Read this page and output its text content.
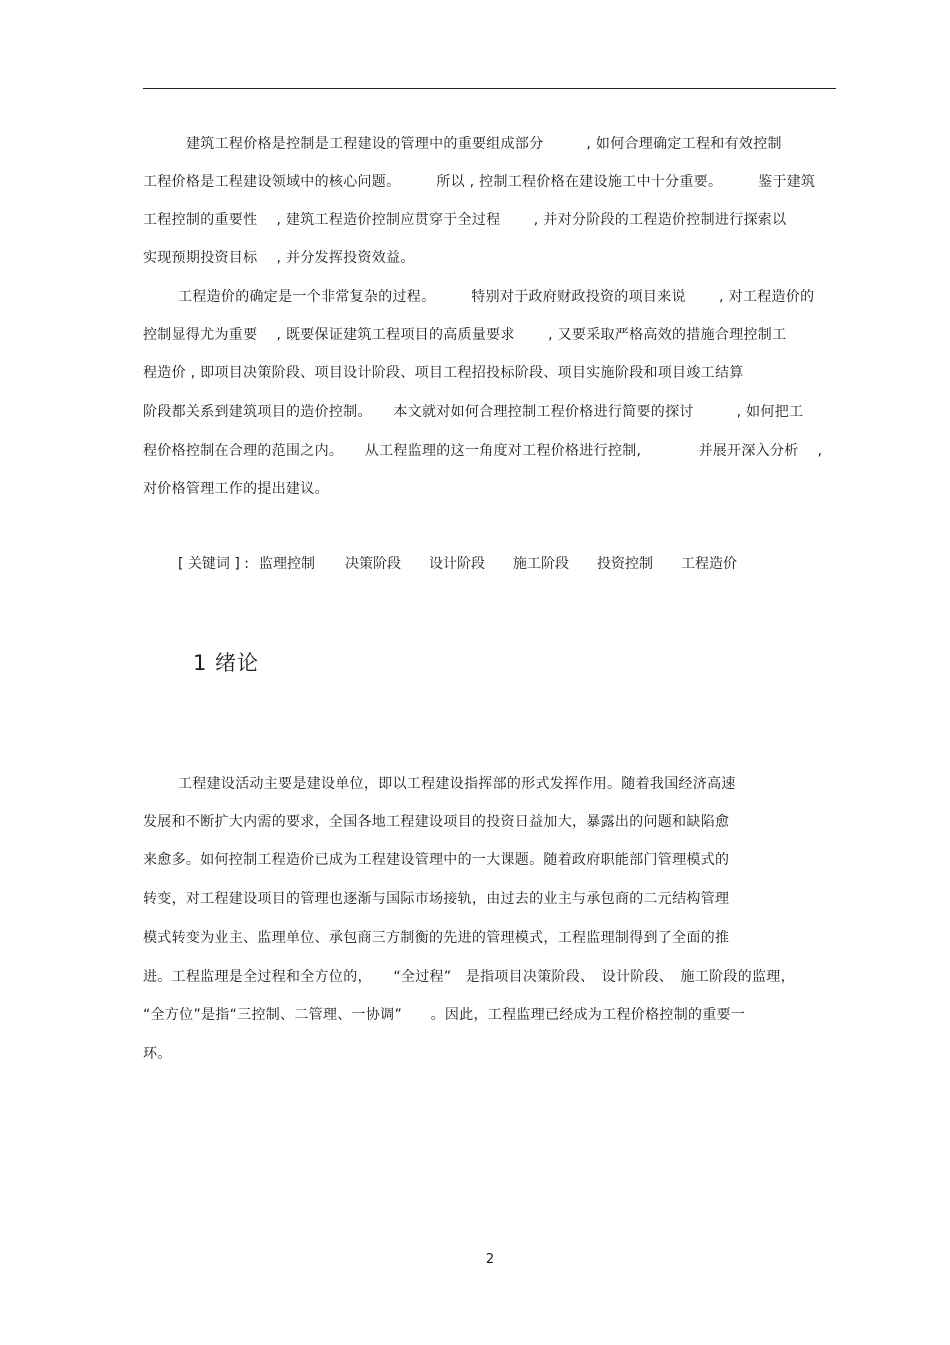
建筑工程价格是控制是工程建设的管理中的重要组成部分　　　, 如何合理确定工程和有效控制
工程价格是工程建设领域中的核心问题。　　　所以 , 控制工程价格在建设施工中十分重要。　　　鉴于建筑
工程控制的重要性　 , 建筑工程造价控制应贯穿于全过程　　 , 并对分阶段的工程造价控制进行探索以
实现预期投资目标　 , 并分发挥投资效益。
工程造价的确定是一个非常复杂的过程。　　　特别对于政府财政投资的项目来说　　 , 对工程造价的
控制显得尤为重要　 , 既要保证建筑工程项目的高质量要求　　 , 又要采取严格高效的措施合理控制工
程造价 , 即项目决策阶段、项目设计阶段、项目工程招投标阶段、项目实施阶段和项目竣工结算
阶段都关系到建筑项目的造价控制。　　本文就对如何合理控制工程价格进行简要的探讨　　　, 如何把工
程价格控制在合理的范围之内。　　从工程监理的这一角度对工程价格进行控制,　　　　并展开深入分析　 ,
对价格管理工作的提出建议。
[ 关键词 ] : 监理控制 决策阶段 设计阶段 施工阶段 投资控制 工程造价
1 绪论
工程建设活动主要是建设单位，即以工程建设指挥部的形式发挥作用。随着我国经济高速
发展和不断扩大内需的要求，全国各地工程建设项目的投资日益加大，暴露出的问题和缺陷愈
来愈多。如何控制工程造价已成为工程建设管理中的一大课题。随着政府职能部门管理模式的
转变，对工程建设项目的管理也逐渐与国际市场接轨，由过去的业主与承包商的二元结构管理
模式转变为业主、监理单位、承包商三方制衡的先进的管理模式，工程监理制得到了全面的推
进。工程监理是全过程和全方位的，　　“全过程”　是指项目决策阶段、　设计阶段、　施工阶段的监理，
“全方位”是指“三控制、二管理、一协调”　　。因此，工程监理已经成为工程价格控制的重要一
环。
2
